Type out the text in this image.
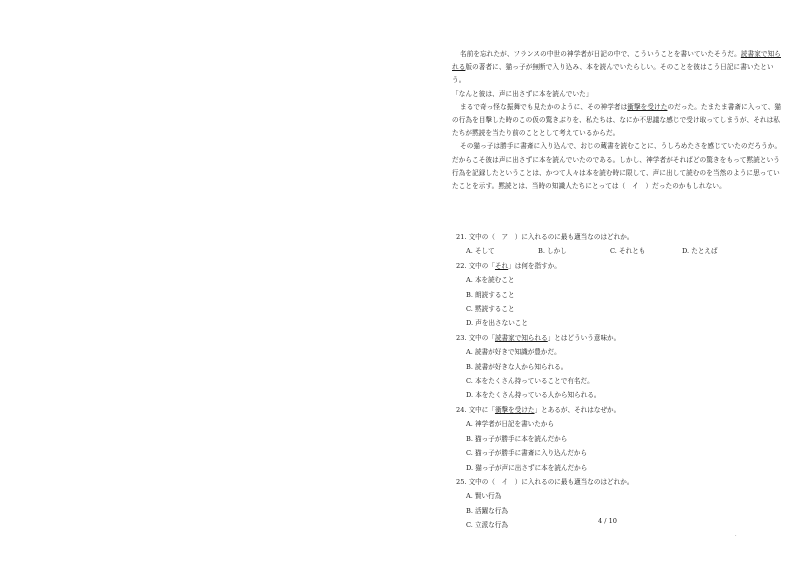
名前を忘れたが、フランスの中世の神学者が日記の中で、こういうことを書いていたそうだ。読書家で知られる版の著者に、猫っ子が無断で入り込み、本を読んでいたらしい。そのことを彼はこう日記に書いたという。

「なんと彼は、声に出さずに本を読んでいた」

まるで奇っ怪な振舞でも見たかのように、その神学者は衝撃を受けたのだった。たまたま書斎に入って、猫の行為を目撃した時のこの仮の驚きぶりを、私たちは、なにか不思議な感じで受け取ってしまうが、それは私たちが黙読を当たり前のこととして考えているからだ。

その猫っ子は勝手に書斎に入り込んで、おじの蔵書を読むことに、うしろめたさを感じていたのだろうか。だからこそ彼は声に出さずに本を読んでいたのである。しかし、神学者がそればどの驚きをもって黙読という行為を記録したということは、かつて人々は本を読む時に限して、声に出して読むのを当然のように思っていたことを示す。黙読とは、当時の知識人たちにとっては（　イ　）だったのかもしれない。

21. 文中の（　ア　）に入れるのに最も適当なのはどれか。

A. そして	B. しかし	C. それとも	D. たとえば

22. 文中の「それ」は何を指すか。

A. 本を読むこと

B. 朗読すること

C. 黙読すること

D. 声を出さないこと

23. 文中の「読書家で知られる」とはどういう意味か。

A. 読書が好きで知識が豊かだ。

B. 読書が好きな人から知られる。

C. 本をたくさん持っていることで有名だ。

D. 本をたくさん持っている人から知られる。

24. 文中に「衝撃を受けた」とあるが、それはなぜか。

A. 神学者が日記を書いたから

B. 猫っ子が勝手に本を読んだから

C. 猫っ子が勝手に書斎に入り込んだから

D. 猫っ子が声に出さずに本を読んだから

25. 文中の（　イ　）に入れるのに最も適当なのはどれか。

A. 賢い行為

B. 活躍な行為

C. 立派な行為

4 / 10
·
